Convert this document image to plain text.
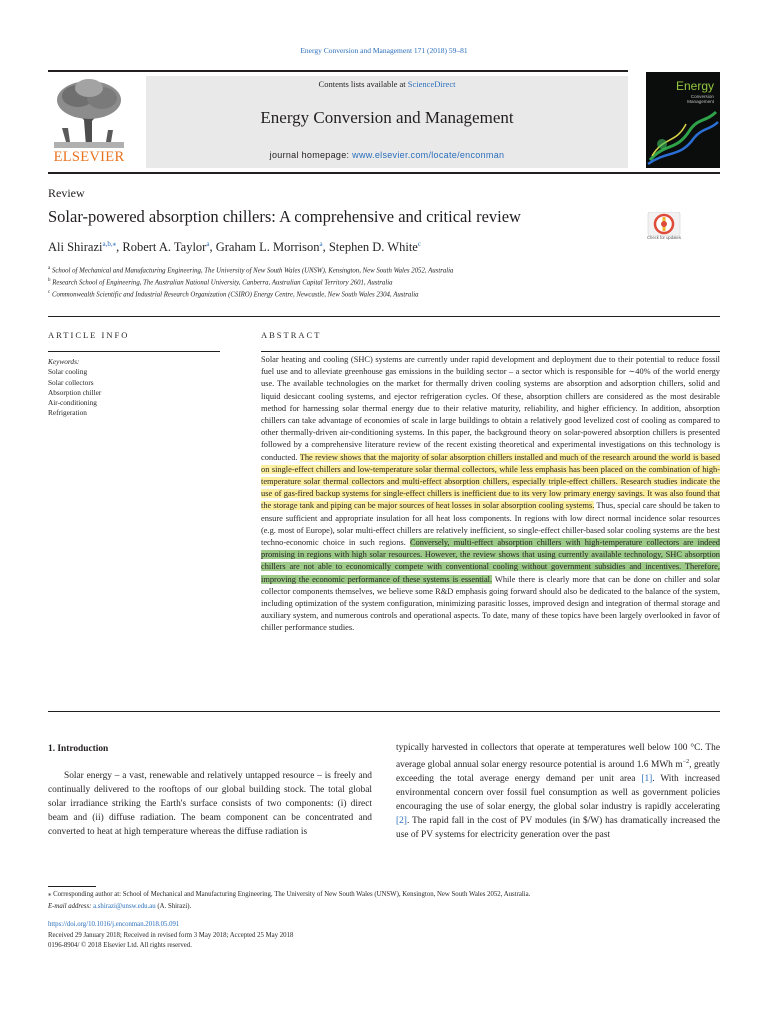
Energy Conversion and Management 171 (2018) 59–81
ELSEVIER
Contents lists available at ScienceDirect
Energy Conversion and Management
journal homepage: www.elsevier.com/locate/enconman
Energy
Conversion
Management
Review
Solar-powered absorption chillers: A comprehensive and critical review
Ali Shirazi$^{a,b,⁎}$, Robert A. Taylor$^a$, Graham L. Morrison$^a$, Stephen D. White$^c$
Check for updates
$^a$ School of Mechanical and Manufacturing Engineering, The University of New South Wales (UNSW), Kensington, New South Wales 2052, Australia
$^b$ Research School of Engineering, The Australian National University, Canberra, Australian Capital Territory 2601, Australia
$^c$ Commonwealth Scientific and Industrial Research Organization (CSIRO) Energy Centre, Newcastle, New South Wales 2304, Australia
ARTICLE INFO	ABSTRACT
Keywords:
Solar cooling
Solar collectors
Absorption chiller
Air-conditioning
Refrigeration
Solar heating and cooling (SHC) systems are currently under rapid development and deployment due to their potential to reduce fossil fuel use and to alleviate greenhouse gas emissions in the building sector – a sector which is responsible for ∼40% of the world energy use. The available technologies on the market for thermally driven cooling systems are absorption and adsorption chillers, solid and liquid desiccant cooling systems, and ejector refrigeration cycles. Of these, absorption chillers are considered as the most desirable method for harnessing solar thermal energy due to their relative maturity, reliability, and higher efficiency. In addition, absorption chillers can take advantage of economies of scale in large buildings to obtain a relatively good levelized cost of cooling as compared to other thermally-driven air-conditioning systems. In this paper, the background theory on solar-powered absorption chillers is presented followed by a comprehensive literature review of the recent existing theoretical and experimental investigations on this technology is conducted. The review shows that the majority of solar absorption chillers installed and much of the research around the world is based on single-effect chillers and low-temperature solar thermal collectors, while less emphasis has been placed on the combination of high-temperature solar thermal collectors and multi-effect absorption chillers, especially triple-effect chillers. Research studies indicate the use of gas-fired backup systems for single-effect chillers is inefficient due to its very low primary energy savings. It was also found that the storage tank and piping can be major sources of heat losses in solar absorption cooling systems. Thus, special care should be taken to ensure sufficient and appropriate insulation for all heat loss components. In regions with low direct normal incidence solar resources (e.g. most of Europe), solar multi-effect chillers are relatively inefficient, so single-effect chiller-based solar cooling systems are the best techno-economic choice in such regions. Conversely, multi-effect absorption chillers with high-temperature collectors are indeed promising in regions with high solar resources. However, the review shows that using currently available technology, SHC absorption chillers are not able to economically compete with conventional cooling without government subsidies and incentives. Therefore, improving the economic performance of these systems is essential. While there is clearly more that can be done on chiller and solar collector components themselves, we believe some R&D emphasis going forward should also be dedicated to the balance of the system, including optimization of the system configuration, minimizing parasitic losses, improved design and integration of thermal storage and auxiliary system, and numerous controls and operational aspects. To date, many of these topics have been largely overlooked in favor of chiller performance studies.
1. Introduction

Solar energy – a vast, renewable and relatively untapped resource – is freely and continually delivered to the rooftops of our global building stock. The total global solar irradiance striking the Earth's surface consists of two components: (i) direct beam and (ii) diffuse radiation. The beam component can be concentrated and converted to heat at high temperature whereas the diffuse radiation is

typically harvested in collectors that operate at temperatures well below 100 °C. The average global annual solar energy resource potential is around 1.6 MWh $m^{-2}$, greatly exceeding the total average energy demand per unit area [1]. With increased environmental concern over fossil fuel consumption as well as government policies encouraging the use of solar energy, the global solar industry is rapidly accelerating [2]. The rapid fall in the cost of PV modules (in $/W) has dramatically increased the use of PV systems for electricity generation over the past

⁎ Corresponding author at: School of Mechanical and Manufacturing Engineering, The University of New South Wales (UNSW), Kensington, New South Wales 2052, Australia.
E-mail address: a.shirazi@unsw.edu.au (A. Shirazi).
https://doi.org/10.1016/j.enconman.2018.05.091
Received 29 January 2018; Received in revised form 3 May 2018; Accepted 25 May 2018
0196-8904/ © 2018 Elsevier Ltd. All rights reserved.
